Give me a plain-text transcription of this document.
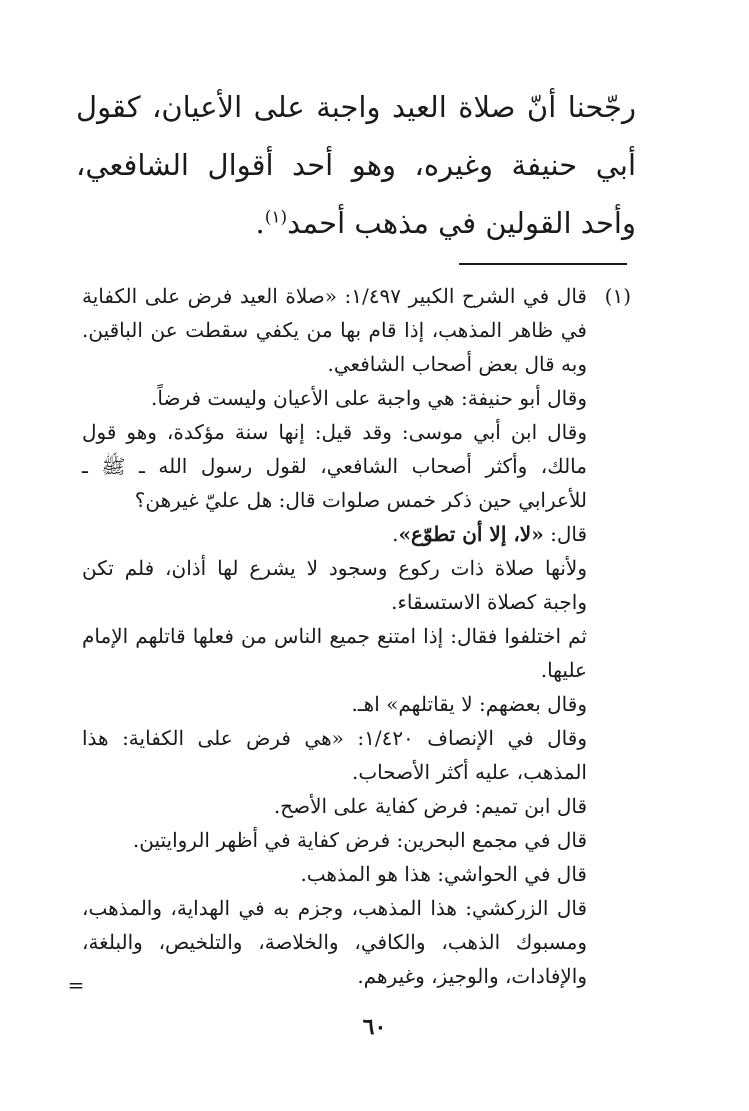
رجّحنا أنّ صلاة العيد واجبة على الأعيان، كقول أبي حنيفة وغيره، وهو أحد أقوال الشافعي، وأحد القولين في مذهب أحمد$^{(١)}$.

(١)

قال في الشرح الكبير ١/٤٩٧: «صلاة العيد فرض على الكفاية في ظاهر المذهب، إذا قام بها من يكفي سقطت عن الباقين. وبه قال بعض أصحاب الشافعي.

وقال أبو حنيفة: هي واجبة على الأعيان وليست فرضاً.

وقال ابن أبي موسى: وقد قيل: إنها سنة مؤكدة، وهو قول مالك، وأكثر أصحاب الشافعي، لقول رسول الله ـ ﷺ ـ للأعرابي حين ذكر خمس صلوات قال: هل عليّ غيرهن؟

قال: «لا، إلا أن تطوّع».

ولأنها صلاة ذات ركوع وسجود لا يشرع لها أذان، فلم تكن واجبة كصلاة الاستسقاء.

ثم اختلفوا فقال: إذا امتنع جميع الناس من فعلها قاتلهم الإمام عليها.

وقال بعضهم: لا يقاتلهم» اهـ.

وقال في الإنصاف ١/٤٢٠: «هي فرض على الكفاية: هذا المذهب، عليه أكثر الأصحاب.

قال ابن تميم: فرض كفاية على الأصح.

قال في مجمع البحرين: فرض كفاية في أظهر الروايتين.

قال في الحواشي: هذا هو المذهب.

قال الزركشي: هذا المذهب، وجزم به في الهداية، والمذهب، ومسبوك الذهب، والكافي، والخلاصة، والتلخيص، والبلغة، والإفادات، والوجيز، وغيرهم.

=
٦٠
